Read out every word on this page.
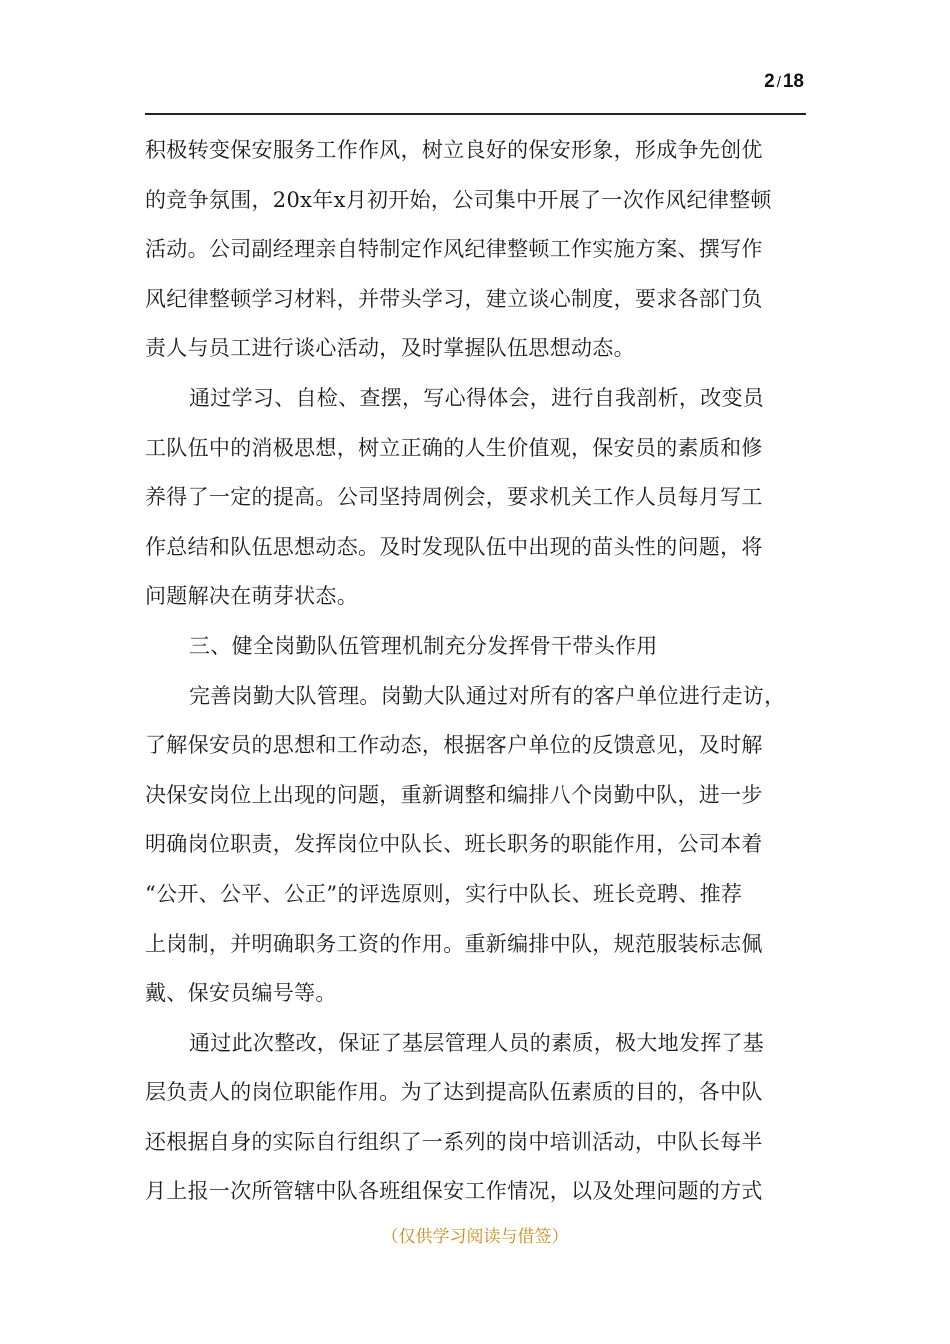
2 / 18

积极转变保安服务工作作风，树立良好的保安形象，形成争先创优
的竞争氛围，20x年x月初开始，公司集中开展了一次作风纪律整顿
活动。公司副经理亲自特制定作风纪律整顿工作实施方案、撰写作
风纪律整顿学习材料，并带头学习，建立谈心制度，要求各部门负
责人与员工进行谈心活动，及时掌握队伍思想动态。

通过学习、自检、查摆，写心得体会，进行自我剖析，改变员
工队伍中的消极思想，树立正确的人生价值观，保安员的素质和修
养得了一定的提高。公司坚持周例会，要求机关工作人员每月写工
作总结和队伍思想动态。及时发现队伍中出现的苗头性的问题，将
问题解决在萌芽状态。

三、健全岗勤队伍管理机制充分发挥骨干带头作用

完善岗勤大队管理。岗勤大队通过对所有的客户单位进行走访，
了解保安员的思想和工作动态，根据客户单位的反馈意见，及时解
决保安岗位上出现的问题，重新调整和编排八个岗勤中队，进一步
明确岗位职责，发挥岗位中队长、班长职务的职能作用，公司本着
“公开、公平、公正”的评选原则，实行中队长、班长竞聘、推荐
上岗制，并明确职务工资的作用。重新编排中队，规范服装标志佩
戴、保安员编号等。

通过此次整改，保证了基层管理人员的素质，极大地发挥了基
层负责人的岗位职能作用。为了达到提高队伍素质的目的，各中队
还根据自身的实际自行组织了一系列的岗中培训活动，中队长每半
月上报一次所管辖中队各班组保安工作情况，以及处理问题的方式

（仅供学习阅读与借签）
